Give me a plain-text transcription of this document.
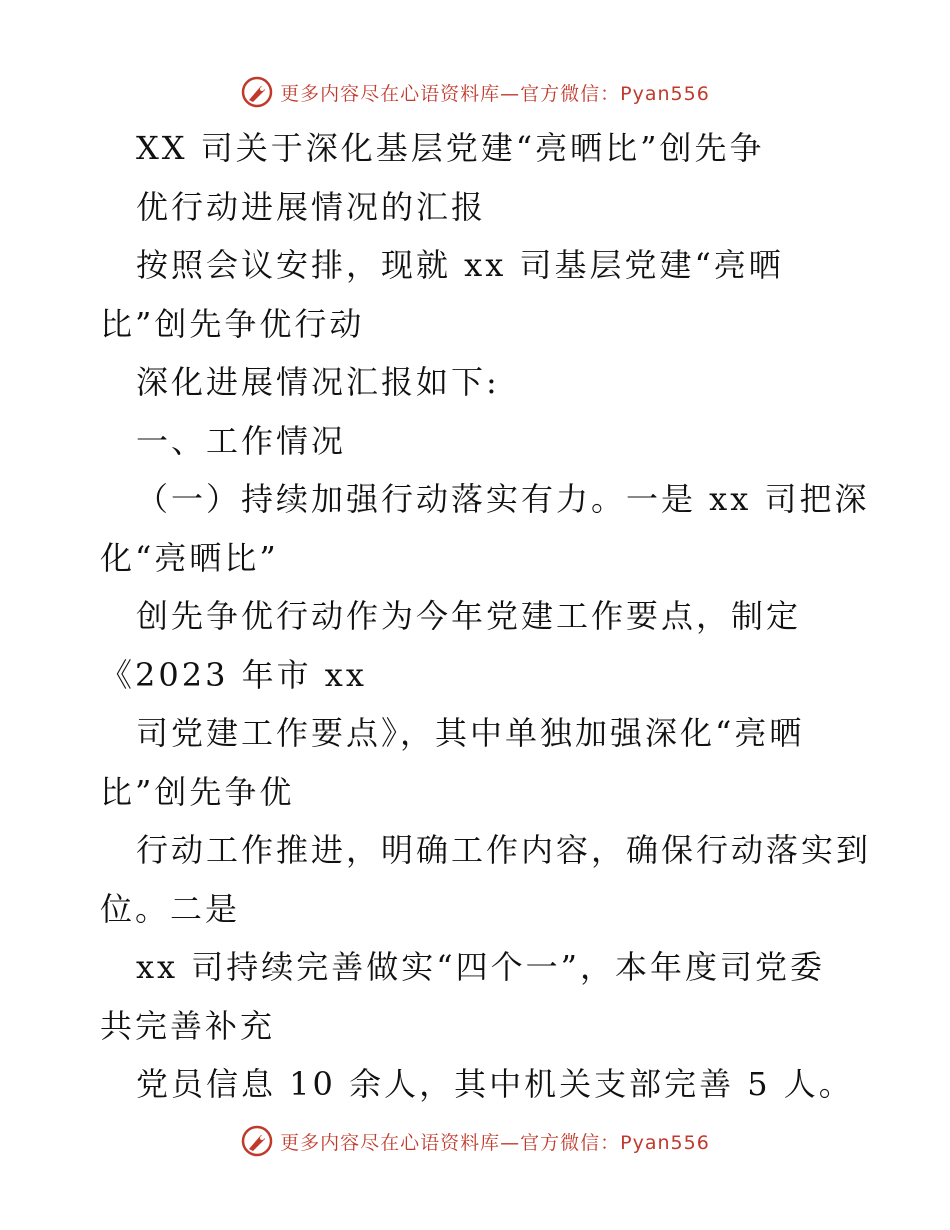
更多内容尽在心语资料库—官方微信：Pyan556
XX 司关于深化基层党建“亮晒比”创先争
优行动进展情况的汇报
按照会议安排，现就 xx 司基层党建“亮晒
比”创先争优行动
深化进展情况汇报如下:
一、工作情况
（一）持续加强行动落实有力。一是 xx 司把深
化“亮晒比”
创先争优行动作为今年党建工作要点，制定
《2023 年市 xx
司党建工作要点》，其中单独加强深化“亮晒
比”创先争优
行动工作推进，明确工作内容，确保行动落实到
位。二是
xx 司持续完善做实“四个一”，本年度司党委
共完善补充
党员信息 10 余人，其中机关支部完善 5 人。
更多内容尽在心语资料库—官方微信：Pyan556
